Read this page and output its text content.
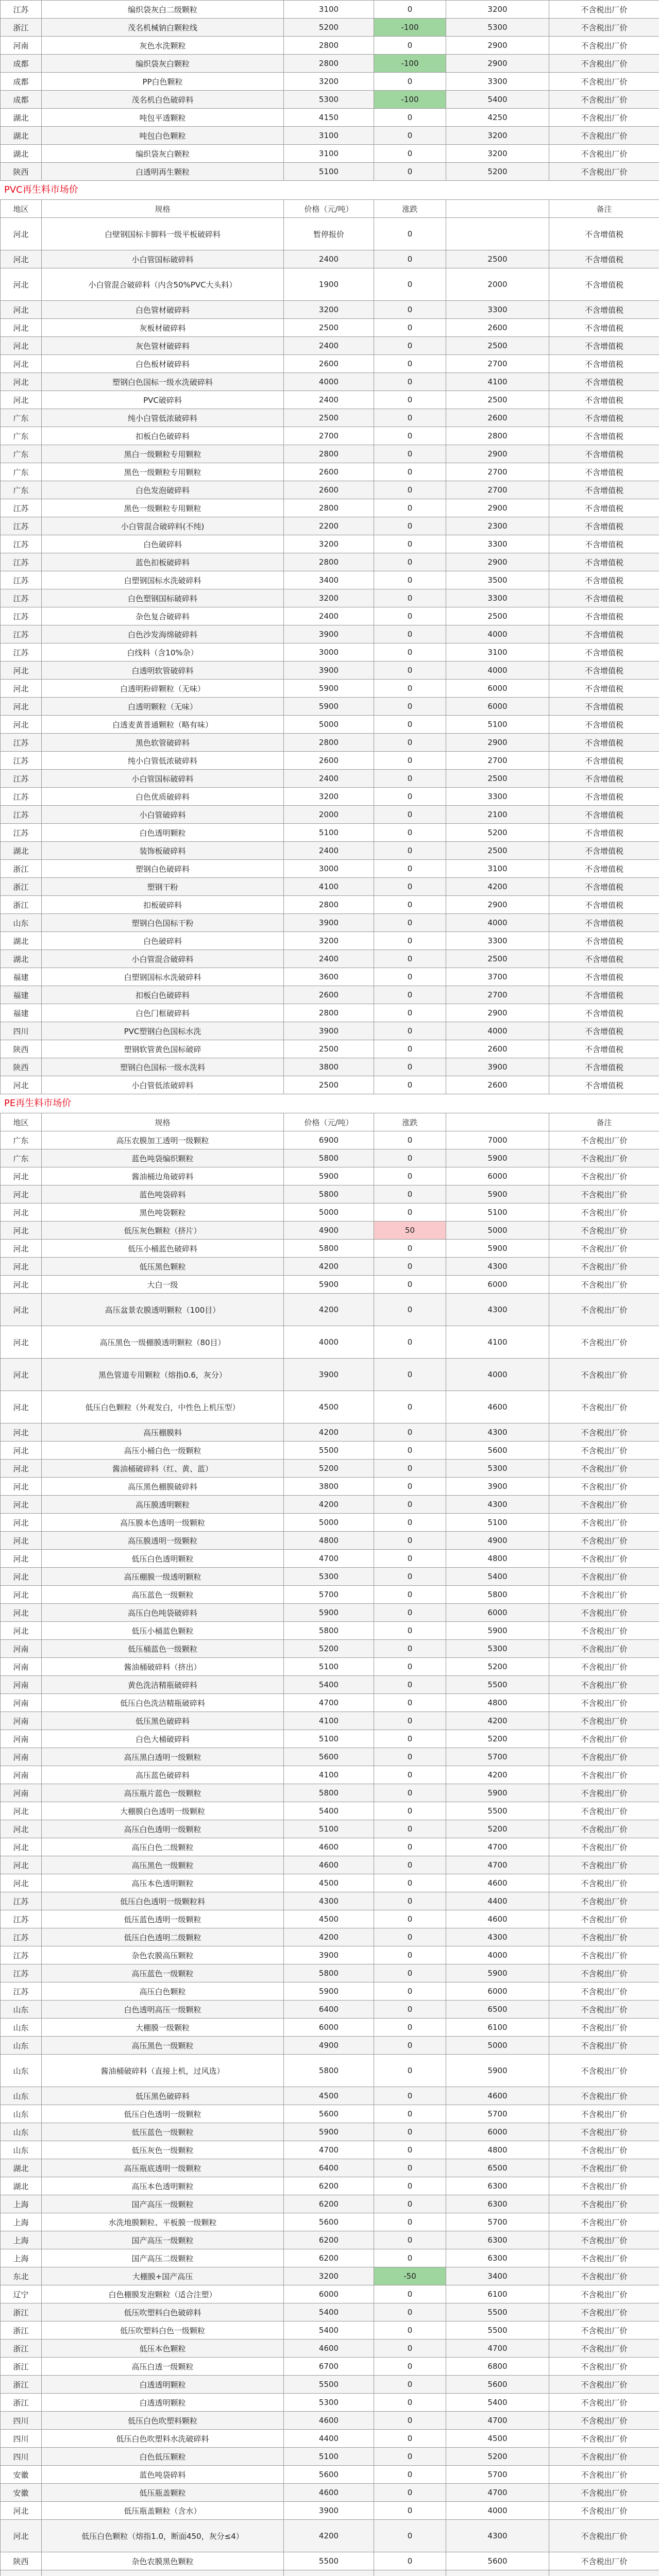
江苏	编织袋灰白二级颗粒	3100	0	3200	不含税出厂价
浙江	茂名机械钠白颗粒线	5200	-100	5300	不含税出厂价
河南	灰色水洗颗粒	2800	0	2900	不含税出厂价
成都	编织袋灰白颗粒	2800	-100	2900	不含税出厂价
成都	PP白色颗粒	3200	0	3300	不含税出厂价
成都	茂名机白色破碎料	5300	-100	5400	不含税出厂价
湖北	吨包平透颗粒	4150	0	4250	不含税出厂价
湖北	吨包白色颗粒	3100	0	3200	不含税出厂价
湖北	编织袋灰白颗粒	3100	0	3200	不含税出厂价
陕西	白透明再生颗粒	5100	0	5200	不含税出厂价
PVC再生料市场价
地区	规格	价格（元/吨）	涨跌		备注
河北	白壁钢国标卡脚料一级平板破碎料	暂停报价	0		不含增值税
河北	小白管国标破碎料	2400	0	2500	不含增值税
河北	小白管混合破碎料（内含50%PVC大头料）	1900	0	2000	不含增值税
河北	白色管材破碎料	3200	0	3300	不含增值税
河北	灰板材破碎料	2500	0	2600	不含增值税
河北	灰色管材破碎料	2400	0	2500	不含增值税
河北	白色板材破碎料	2600	0	2700	不含增值税
河北	塑钢白色国标一级水洗破碎料	4000	0	4100	不含增值税
河北	PVC破碎料	2400	0	2500	不含增值税
广东	纯小白管低浓破碎料	2500	0	2600	不含增值税
广东	扣板白色破碎料	2700	0	2800	不含增值税
广东	黑白一级颗粒专用颗粒	2800	0	2900	不含增值税
广东	黑色一级颗粒专用颗粒	2600	0	2700	不含增值税
广东	白色发泡破碎料	2600	0	2700	不含增值税
江苏	黑色一级颗粒专用颗粒	2800	0	2900	不含增值税
江苏	小白管混合破碎料(不纯)	2200	0	2300	不含增值税
江苏	白色破碎料	3200	0	3300	不含增值税
江苏	蓝色扣板破碎料	2800	0	2900	不含增值税
江苏	白塑钢国标水洗破碎料	3400	0	3500	不含增值税
江苏	白色塑钢国标破碎料	3200	0	3300	不含增值税
江苏	杂色复合破碎料	2400	0	2500	不含增值税
江苏	白色沙发海绵破碎料	3900	0	4000	不含增值税
江苏	白线料（含10%杂）	3000	0	3100	不含增值税
河北	白透明软管破碎料	3900	0	4000	不含增值税
河北	白透明粉碎颗粒（无味）	5900	0	6000	不含增值税
河北	白透明颗粒（无味）	5900	0	6000	不含增值税
河北	白透麦黄普通颗粒（略有味）	5000	0	5100	不含增值税
江苏	黑色软管破碎料	2800	0	2900	不含增值税
江苏	纯小白管低浓破碎料	2600	0	2700	不含增值税
江苏	小白管国标破碎料	2400	0	2500	不含增值税
江苏	白色优质破碎料	3200	0	3300	不含增值税
江苏	小白管破碎料	2000	0	2100	不含增值税
江苏	白色透明颗粒	5100	0	5200	不含增值税
湖北	装饰板破碎料	2400	0	2500	不含增值税
浙江	塑钢白色破碎料	3000	0	3100	不含增值税
浙江	塑钢干粉	4100	0	4200	不含增值税
浙江	扣板破碎料	2800	0	2900	不含增值税
山东	塑钢白色国标干粉	3900	0	4000	不含增值税
湖北	白色破碎料	3200	0	3300	不含增值税
湖北	小白管混合破碎料	2400	0	2500	不含增值税
福建	白塑钢国标水洗破碎料	3600	0	3700	不含增值税
福建	扣板白色破碎料	2600	0	2700	不含增值税
福建	白色门框破碎料	2800	0	2900	不含增值税
四川	PVC塑钢白色国标水洗	3900	0	4000	不含增值税
陕西	塑钢软管黄色国标破碎	2500	0	2600	不含增值税
陕西	塑钢白色国标一级水洗料	3800	0	3900	不含增值税
河北	小白管低浓破碎料	2500	0	2600	不含增值税
PE再生料市场价
地区	规格	价格（元/吨）	涨跌		备注
广东	高压农膜加工透明一级颗粒	6900	0	7000	不含税出厂价
广东	蓝色吨袋编织颗粒	5800	0	5900	不含税出厂价
河北	酱油桶边角破碎料	5900	0	6000	不含税出厂价
河北	蓝色吨袋碎料	5800	0	5900	不含税出厂价
河北	黑色吨袋颗粒	5000	0	5100	不含税出厂价
河北	低压灰色颗粒（挤片）	4900	50	5000	不含税出厂价
河北	低压小桶蓝色破碎料	5800	0	5900	不含税出厂价
河北	低压黑色颗粒	4200	0	4300	不含税出厂价
河北	大白一级	5900	0	6000	不含税出厂价
河北	高压盆景农膜透明颗粒（100目）	4200	0	4300	不含税出厂价
河北	高压黑色一级棚膜透明颗粒（80目）	4000	0	4100	不含税出厂价
河北	黑色管道专用颗粒（熔指0.6，灰分）	3900	0	4000	不含税出厂价
河北	低压白色颗粒（外观发白，中性色上机压型）	4500	0	4600	不含税出厂价
河北	高压棚膜料	4200	0	4300	不含税出厂价
河北	高压小桶白色一级颗粒	5500	0	5600	不含税出厂价
河北	酱油桶破碎料（红、黄、蓝）	5200	0	5300	不含税出厂价
河北	高压黑色棚膜破碎料	3800	0	3900	不含税出厂价
河北	高压膜透明颗粒	4200	0	4300	不含税出厂价
河北	高压膜本色透明一级颗粒	5000	0	5100	不含税出厂价
河北	高压膜透明一级颗粒	4800	0	4900	不含税出厂价
河北	低压白色透明颗粒	4700	0	4800	不含税出厂价
河北	高压棚膜一级透明颗粒	5300	0	5400	不含税出厂价
河北	高压蓝色一级颗粒	5700	0	5800	不含税出厂价
河北	高压白色吨袋破碎料	5900	0	6000	不含税出厂价
河北	低压小桶蓝色颗粒	5800	0	5900	不含税出厂价
河南	低压桶蓝色一级颗粒	5200	0	5300	不含税出厂价
河南	酱油桶破碎料（挤出）	5100	0	5200	不含税出厂价
河南	黄色洗洁精瓶破碎料	5400	0	5500	不含税出厂价
河南	低压白色洗洁精瓶破碎料	4700	0	4800	不含税出厂价
河南	低压黑色破碎料	4100	0	4200	不含税出厂价
河南	白色大桶破碎料	5100	0	5200	不含税出厂价
河南	高压黑白透明一级颗粒	5600	0	5700	不含税出厂价
河南	高压蓝色破碎料	4100	0	4200	不含税出厂价
河南	高压瓶片蓝色一级颗粒	5800	0	5900	不含税出厂价
河北	大棚膜白色透明一级颗粒	5400	0	5500	不含税出厂价
河北	高压白色透明一级颗粒	5100	0	5200	不含税出厂价
河北	高压白色二级颗粒	4600	0	4700	不含税出厂价
河北	高压黑色一级颗粒	4600	0	4700	不含税出厂价
河北	高压本色透明颗粒	4500	0	4600	不含税出厂价
江苏	低压白色透明一级颗粒料	4300	0	4400	不含税出厂价
江苏	低压蓝色透明一级颗粒	4500	0	4600	不含税出厂价
江苏	低压白色透明二级颗粒	4200	0	4300	不含税出厂价
江苏	杂色农膜高压颗粒	3900	0	4000	不含税出厂价
江苏	高压蓝色一级颗粒	5800	0	5900	不含税出厂价
江苏	高压白色颗粒	5900	0	6000	不含税出厂价
山东	白色透明高压一级颗粒	6400	0	6500	不含税出厂价
山东	大棚膜一级颗粒	6000	0	6100	不含税出厂价
山东	高压黑色一级颗粒	4900	0	5000	不含税出厂价
山东	酱油桶破碎料（直接上机，过风选）	5800	0	5900	不含税出厂价
山东	低压黑色破碎料	4500	0	4600	不含税出厂价
山东	低压白色透明一级颗粒	5600	0	5700	不含税出厂价
山东	低压蓝色一级颗粒	5900	0	6000	不含税出厂价
山东	低压灰色一级颗粒	4700	0	4800	不含税出厂价
湖北	高压瓶底透明一级颗粒	6400	0	6500	不含税出厂价
湖北	高压本色透明颗粒	6200	0	6300	不含税出厂价
上海	国产高压一级颗粒	6200	0	6300	不含税出厂价
上海	水洗地膜颗粒、平板膜一级颗粒	5600	0	5700	不含税出厂价
上海	国产高压一级颗粒	6200	0	6300	不含税出厂价
上海	国产高压二级颗粒	6200	0	6300	不含税出厂价
东北	大棚膜+国产高压	3200	-50	3400	不含税出厂价
辽宁	白色棚膜发泡颗粒（适合注塑）	6000	0	6100	不含税出厂价
浙江	低压吹塑料白色破碎料	5400	0	5500	不含税出厂价
浙江	低压吹塑料白色一级颗粒	5400	0	5500	不含税出厂价
浙江	低压本色颗粒	4600	0	4700	不含税出厂价
浙江	高压白透一级颗粒	6700	0	6800	不含税出厂价
浙江	白透透明颗粒	5500	0	5600	不含税出厂价
浙江	白透透明颗粒	5300	0	5400	不含税出厂价
四川	低压白色吹塑料颗粒	4600	0	4700	不含税出厂价
四川	低压白色吹塑料水洗破碎料	4400	0	4500	不含税出厂价
四川	白色低压颗粒	5100	0	5200	不含税出厂价
安徽	蓝色吨袋碎料	5600	0	5700	不含税出厂价
安徽	低压瓶盖颗粒	4600	0	4700	不含税出厂价
河北	低压瓶盖颗粒（含水）	3900	0	4000	不含税出厂价
河北	低压白色颗粒（熔指1.0，断面450，灰分≤4）	4200	0	4300	不含税出厂价
陕西	杂色农膜黑色颗粒	5500	0	5600	不含税出厂价
